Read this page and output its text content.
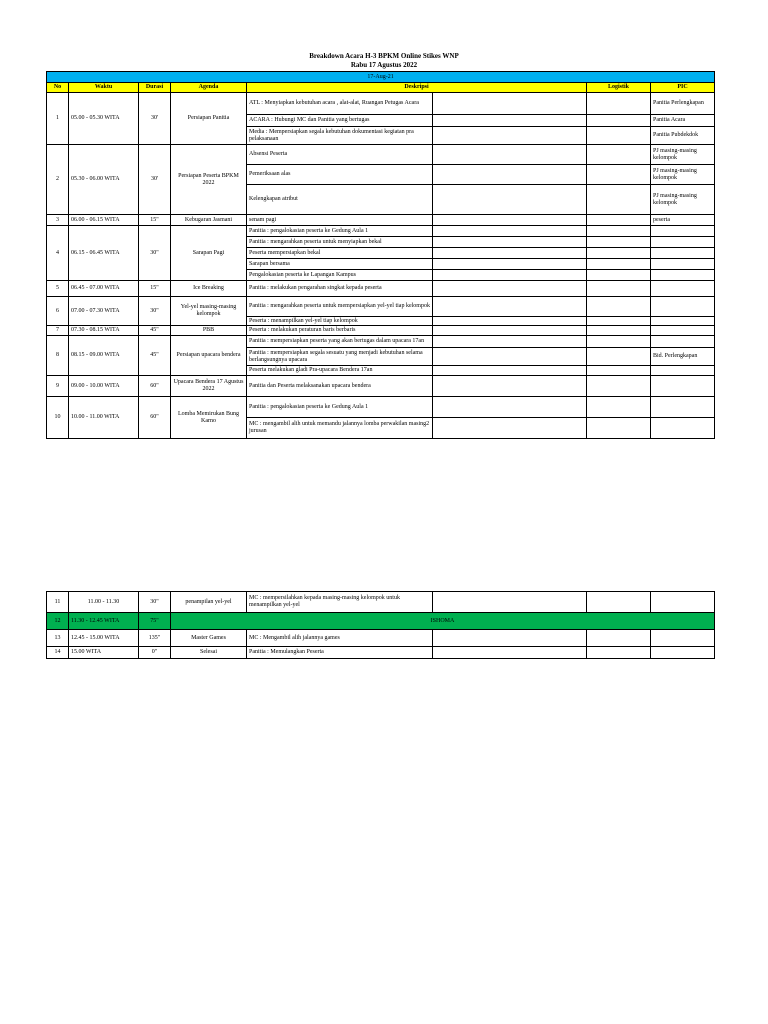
Breakdown Acara H-3 BPKM Online Stikes WNP
Rabu 17 Agustus 2022
17-Aug-21							
No	Waktu	Durasi	Agenda	Deskripsi		Logistik	PIC
1	05.00 - 05.30 WITA	30'	Persiapan Panitia	ATL : Menyiapkan kebutuhan acara , alat-alat, Ruangan Petugas Acara			Panitia Perlengkapan
				ACARA : Hubungi MC dan Panitia yang bertugas			Panitia Acara
				Media : Mempersiapkan segala kebutuhan dokumentasi kegiatan pra pelaksanaan			Panitia Pubdekdok
2	05.30 - 06.00 WITA	30'	Persiapan Peserta BPKM 2022	Absensi Peserta			PJ masing-masing kelompok
				Pemeriksaan alas			PJ masing-masing kelompok
				Kelengkapan atribut			PJ masing-masing kelompok
3	06.00 - 06.15 WITA	15"	Kebugaran Jasmani	senam pagi			peserta
4	06.15 - 06.45 WITA	30"	Sarapan Pagi	Panitia : pengalokasian peserta ke Gedung Aula 1			
				Panitia : mengarahkan peserta untuk menyiapkan bekal			
				Peserta mempersiapkan bekal			
				Sarapan bersama			
				Pengalokasian peserta ke Lapangan Kampus			
5	06.45 - 07.00 WITA	15"	Ice Breaking	Panitia : melakukan pengarahan singkat kepada peserta			
6	07.00 - 07.30 WITA	30"	Yel-yel masing-masing kelompok	Panitia : mengarahkan peserta untuk mempersiapkan yel-yel tiap kelompok			
				Peserta : menampilkan yel-yel tiap kelompok			
7	07.30 - 08.15 WITA	45"	PBB	Peserta : melakukan peraturan baris berbaris			
8	08.15 - 09.00 WITA	45"	Persiapan upacara bendera	Panitia : mempersiapkan peserta yang akan bertugas dalam upacara 17an			
				Panitia : mempersiapkan segala sesuatu yang menjadi kebutuhan selama berlangsungnya upacara			Bid. Perlengkapan
				Peserta melakukan gladi Pra-upacara Bendera 17an			
9	09.00 - 10.00 WITA	60"	Upacara Bendera 17 Agustus 2022	Panitia dan Peserta melaksanakan upacara bendera			
10	10.00 - 11.00 WITA	60"	Lomba Memirukan Bung Karno	Panitia : pengalokasian peserta ke Gedung Aula 1			
				MC : mengambil alih untuk memandu jalannya lomba perwakilan masing2 jurusan			
11	11.00 - 11.30	30"	penampilan yel-yel	MC : mempersilahkan kepada masing-masing kelompok untuk menampilkan yel-yel			
12	11.30 - 12.45 WITA	75"	ISHOMA				
13	12.45 - 15.00 WITA	135"	Master Games	MC : Mengambil alih jalannya games			
14	15.00 WITA	0"	Selesai	Panitia : Memulangkan Peserta			
